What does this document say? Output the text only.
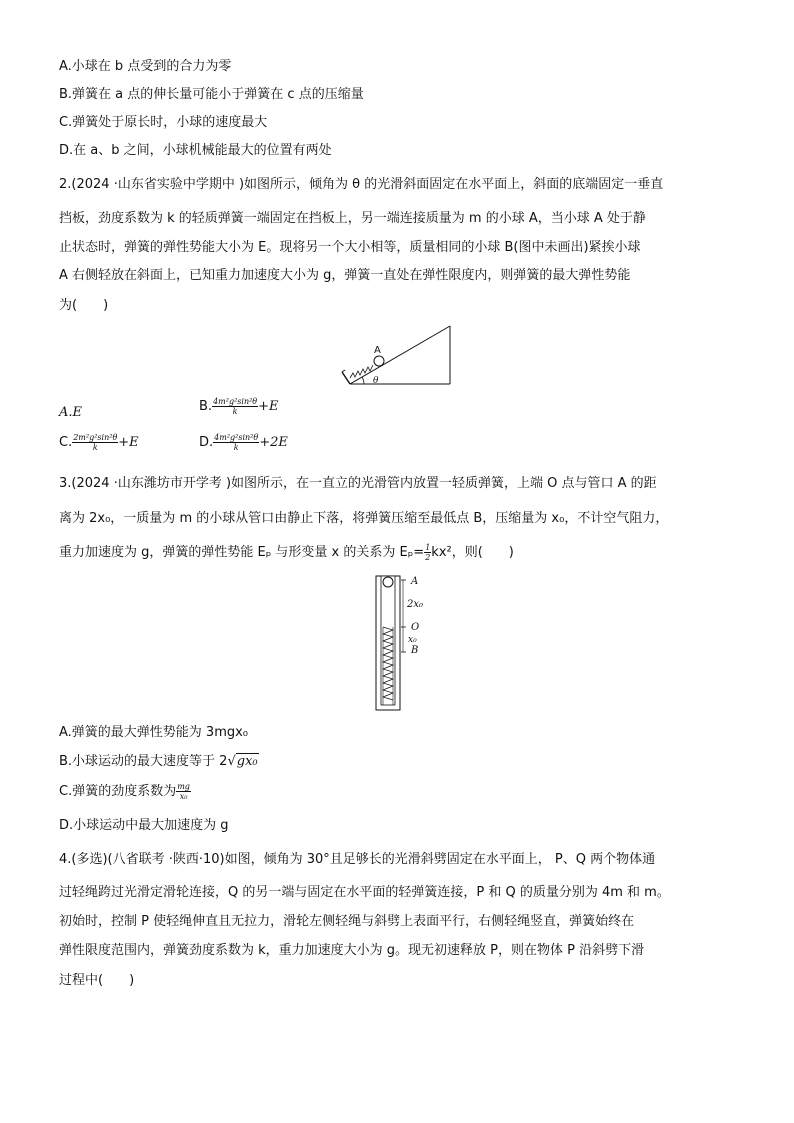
A.小球在 b 点受到的合力为零
B.弹簧在 a 点的伸长量可能小于弹簧在 c 点的压缩量
C.弹簧处于原长时，小球的速度最大
D.在 a、b 之间，小球机械能最大的位置有两处
2.(2024 ·山东省实验中学期中 )如图所示，倾角为 θ 的光滑斜面固定在水平面上，斜面的底端固定一垂直
挡板，劲度系数为 k 的轻质弹簧一端固定在挡板上，另一端连接质量为 m 的小球 A，当小球 A 处于静
止状态时，弹簧的弹性势能大小为 E。现将另一个大小相等，质量相同的小球 B(图中未画出)紧挨小球
A 右侧轻放在斜面上，已知重力加速度大小为 g，弹簧一直处在弹性限度内，则弹簧的最大弹性势能
为(　　)
A
θ
A.E	B. $\frac{\text{4m²g²sin²θ}}{k} +E$
C. $\frac{\text{2m²g²sin²θ}}{k} +E$	D. $\frac{\text{4m²g²sin²θ}}{k} +2E$
3.(2024 ·山东潍坊市开学考 )如图所示，在一直立的光滑管内放置一轻质弹簧，上端 O 点与管口 A 的距
离为 2x₀，一质量为 m 的小球从管口由静止下落，将弹簧压缩至最低点 B，压缩量为 x₀，不计空气阻力，
重力加速度为 g，弹簧的弹性势能 Eₚ 与形变量 x 的关系为 $E_p= \frac{1}{2} kx^2$，则(　　)
A
2x₀
O
x₀
B
A.弹簧的最大弹性势能为 3mgx₀
B.小球运动的最大速度等于 2√gx₀
C.弹簧的劲度系数为 $\frac{mg}{\text{x₀}}$
D.小球运动中最大加速度为 g
4.(多选)(八省联考 ·陕西·10)如图，倾角为 30°且足够长的光滑斜劈固定在水平面上， P、Q 两个物体通
过轻绳跨过光滑定滑轮连接，Q 的另一端与固定在水平面的轻弹簧连接，P 和 Q 的质量分别为 4m 和 m。
初始时，控制 P 使轻绳伸直且无拉力，滑轮左侧轻绳与斜劈上表面平行，右侧轻绳竖直，弹簧始终在
弹性限度范围内，弹簧劲度系数为 k，重力加速度大小为 g。现无初速释放 P，则在物体 P 沿斜劈下滑
过程中(　　)
